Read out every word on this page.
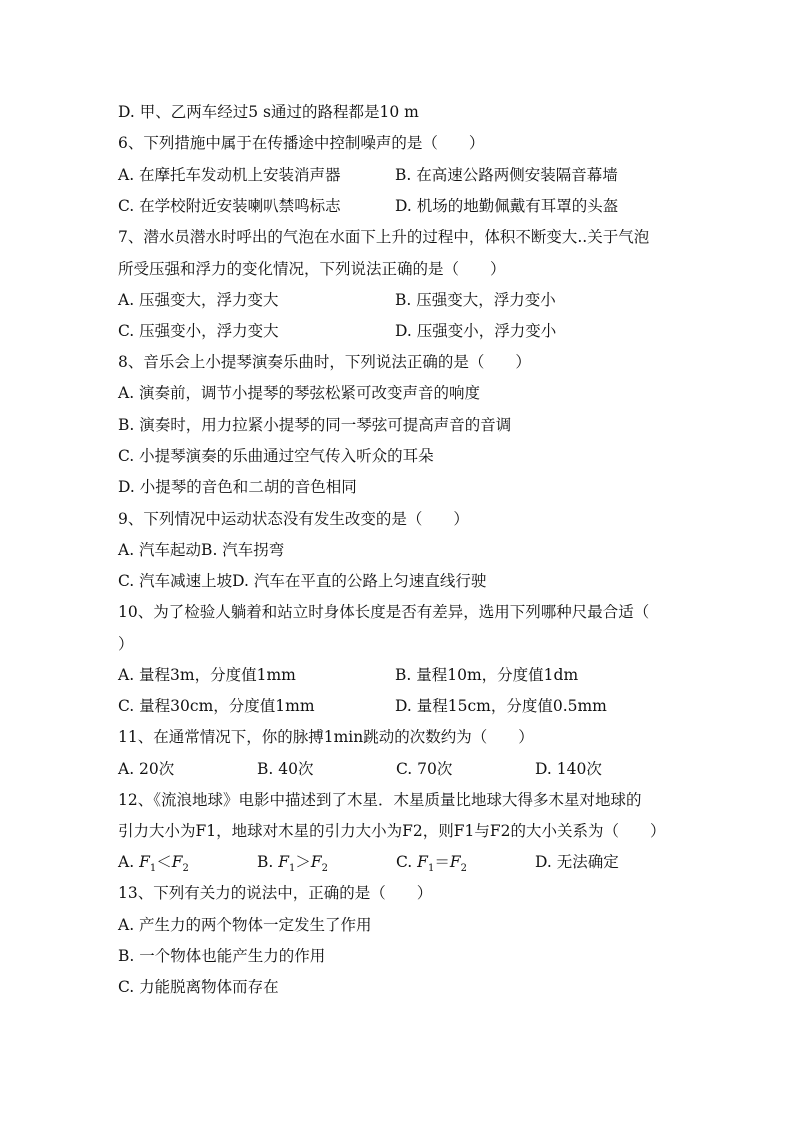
D. 甲、乙两车经过5 s通过的路程都是10 m
6、下列措施中属于在传播途中控制噪声的是（　　）
A. 在摩托车发动机上安装消声器	B. 在高速公路两侧安装隔音幕墙
C. 在学校附近安装喇叭禁鸣标志	D. 机场的地勤佩戴有耳罩的头盔
7、潜水员潜水时呼出的气泡在水面下上升的过程中，体积不断变大..关于气泡
所受压强和浮力的变化情况，下列说法正确的是（　　）
A. 压强变大，浮力变大	B. 压强变大，浮力变小
C. 压强变小，浮力变大	D. 压强变小，浮力变小
8、音乐会上小提琴演奏乐曲时，下列说法正确的是（　　）
A. 演奏前，调节小提琴的琴弦松紧可改变声音的响度
B. 演奏时，用力拉紧小提琴的同一琴弦可提高声音的音调
C. 小提琴演奏的乐曲通过空气传入听众的耳朵
D. 小提琴的音色和二胡的音色相同
9、下列情况中运动状态没有发生改变的是（　　）
A. 汽车起动B. 汽车拐弯
C. 汽车减速上坡D. 汽车在平直的公路上匀速直线行驶
10、为了检验人躺着和站立时身体长度是否有差异，选用下列哪种尺最合适（
）
A. 量程3m，分度值1mm	B. 量程10m，分度值1dm
C. 量程30cm，分度值1mm	D. 量程15cm，分度值0.5mm
11、在通常情况下，你的脉搏1min跳动的次数约为（　　）
A. 20次	B. 40次	C. 70次	D. 140次
12、《流浪地球》电影中描述到了木星．木星质量比地球大得多木星对地球的
引力大小为F1，地球对木星的引力大小为F2，则F1与F2的大小关系为（　　）
A. $F_1<F_2$	B. $F_1>F_2$	C. $F_1=F_2$	D. 无法确定
13、下列有关力的说法中，正确的是（　　）
A. 产生力的两个物体一定发生了作用
B. 一个物体也能产生力的作用
C. 力能脱离物体而存在
